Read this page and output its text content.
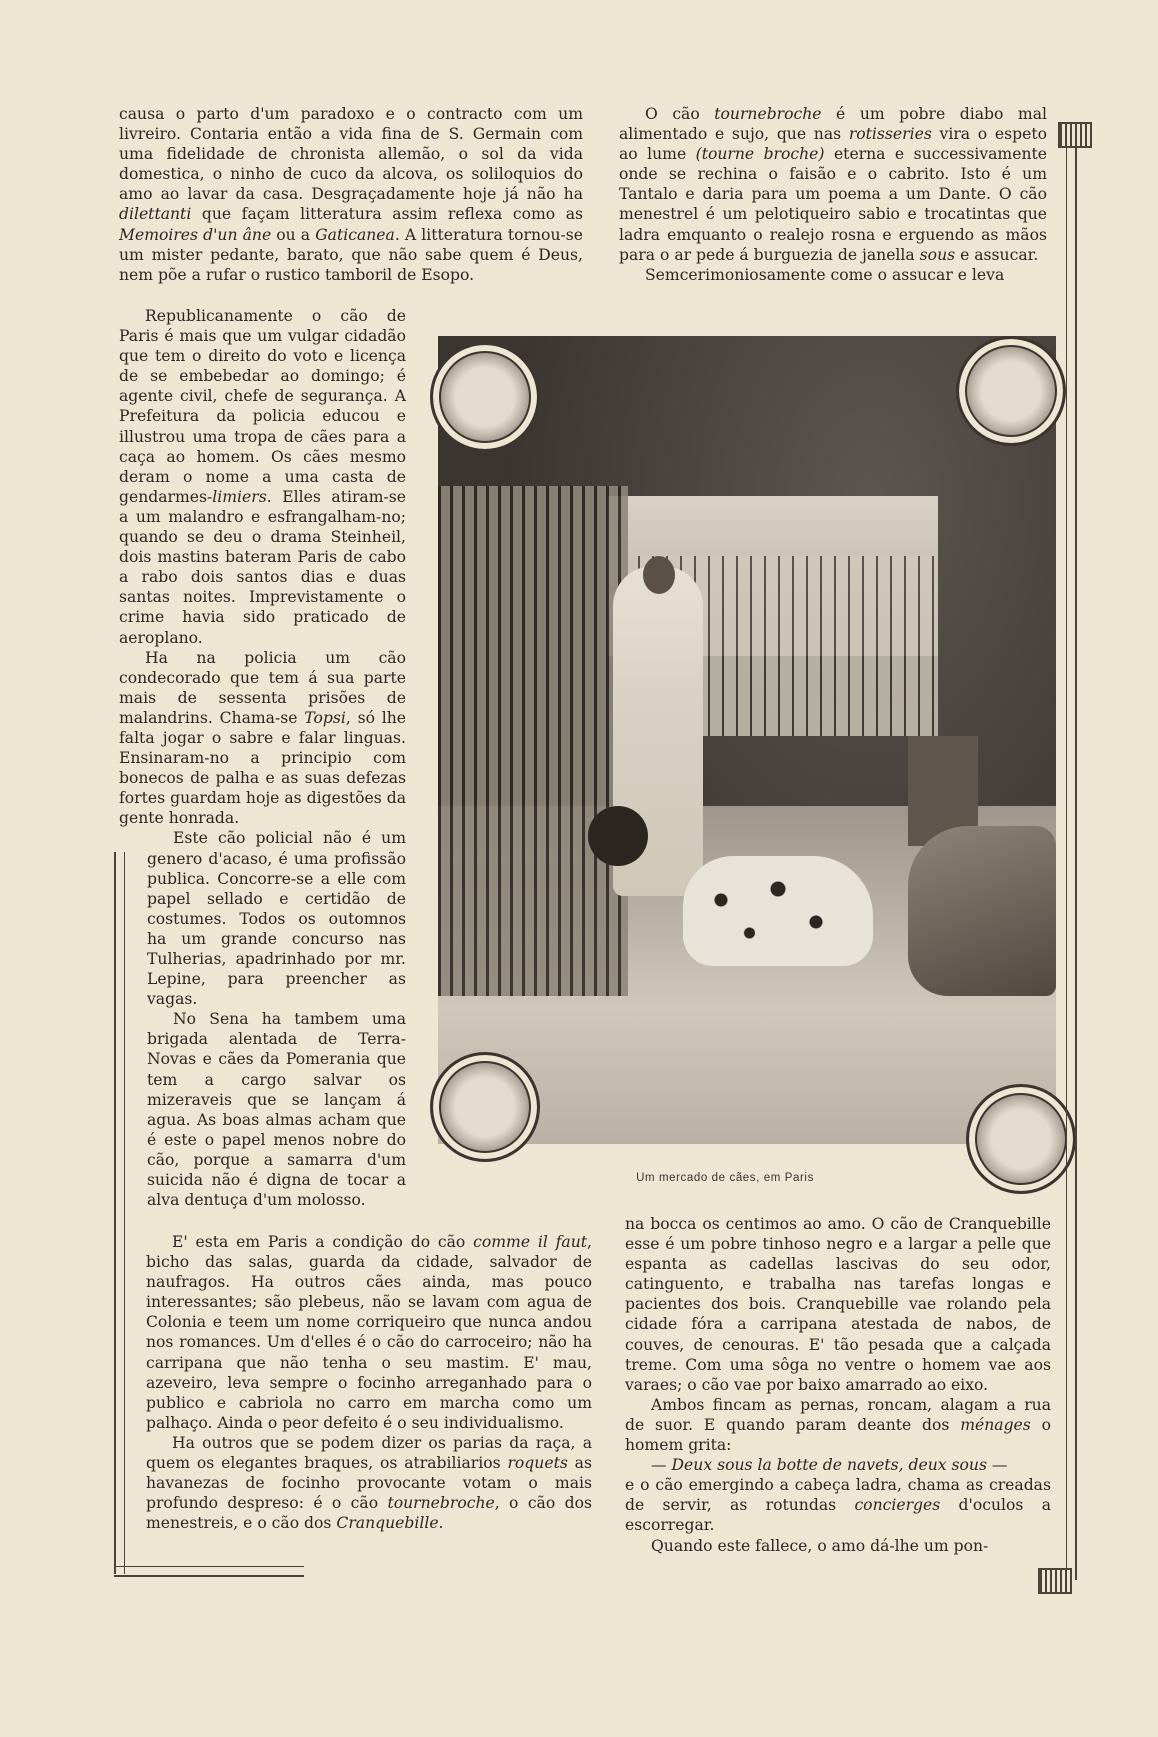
causa o parto d'um paradoxo e o contracto com um livreiro. Contaria então a vida fina de S. Germain com uma fidelidade de chronista allemão, o sol da vida domestica, o ninho de cuco da alcova, os soliloquios do amo ao lavar da casa. Desgraçadamente hoje já não ha dilettanti que façam litteratura assim reflexa como as Memoires d'un âne ou a Gaticanea. A litteratura tornou-se um mister pedante, barato, que não sabe quem é Deus, nem põe a rufar o rustico tamboril de Esopo.

Republicanamente o cão de Paris é mais que um vulgar cidadão que tem o direito do voto e licença de se embebedar ao domingo; é agente civil, chefe de segurança. A Prefeitura da policia educou e illustrou uma tropa de cães para a caça ao homem. Os cães mesmo deram o nome a uma casta de gendarmes-limiers. Elles atiram-se a um malandro e esfrangalham-no; quando se deu o drama Steinheil, dois mastins bateram Paris de cabo a rabo dois santos dias e duas santas noites. Imprevistamente o crime havia sido praticado de aeroplano.

Ha na policia um cão condecorado que tem á sua parte mais de sessenta prisões de malandrins. Chama-se Topsi, só lhe falta jogar o sabre e falar linguas. Ensinaram-no a principio com bonecos de palha e as suas defezas fortes guardam hoje as digestões da gente honrada.

Este cão policial não é um genero d'acaso, é uma profissão publica. Concorre-se a elle com papel sellado e certidão de costumes. Todos os outomnos ha um grande concurso nas Tulherias, apadrinhado por mr. Lepine, para preencher as vagas.

No Sena ha tambem uma brigada alentada de Terra-Novas e cães da Pomerania que tem a cargo salvar os mizeraveis que se lançam á agua. As boas almas acham que é este o papel menos nobre do cão, porque a samarra d'um suicida não é digna de tocar a alva dentuça d'um molosso.

E' esta em Paris a condição do cão comme il faut, bicho das salas, guarda da cidade, salvador de naufragos. Ha outros cães ainda, mas pouco interessantes; são plebeus, não se lavam com agua de Colonia e teem um nome corriqueiro que nunca andou nos romances. Um d'elles é o cão do carroceiro; não ha carripana que não tenha o seu mastim. E' mau, azeveiro, leva sempre o focinho arreganhado para o publico e cabriola no carro em marcha como um palhaço. Ainda o peor defeito é o seu individualismo.

Ha outros que se podem dizer os parias da raça, a quem os elegantes braques, os atrabiliarios roquets as havanezas de focinho provocante votam o mais profundo despreso: é o cão tournebroche, o cão dos menestreis, e o cão dos Cranquebille.

O cão tournebroche é um pobre diabo mal alimentado e sujo, que nas rotisseries vira o espeto ao lume (tourne broche) eterna e successivamente onde se rechina o faisão e o cabrito. Isto é um Tantalo e daria para um poema a um Dante. O cão menestrel é um pelotiqueiro sabio e trocatintas que ladra emquanto o realejo rosna e erguendo as mãos para o ar pede á burguezia de janella sous e assucar.

Semcerimoniosamente come o assucar e leva

Um mercado de cães, em Paris

na bocca os centimos ao amo. O cão de Cranquebille esse é um pobre tinhoso negro e a largar a pelle que espanta as cadellas lascivas do seu odor, catinguento, e trabalha nas tarefas longas e pacientes dos bois. Cranquebille vae rolando pela cidade fóra a carripana atestada de nabos, de couves, de cenouras. E' tão pesada que a calçada treme. Com uma sôga no ventre o homem vae aos varaes; o cão vae por baixo amarrado ao eixo.

Ambos fincam as pernas, roncam, alagam a rua de suor. E quando param deante dos ménages o homem grita:

— Deux sous la botte de navets, deux sous —

e o cão emergindo a cabeça ladra, chama as creadas de servir, as rotundas concierges d'oculos a escorregar.

Quando este fallece, o amo dá-lhe um pon-
